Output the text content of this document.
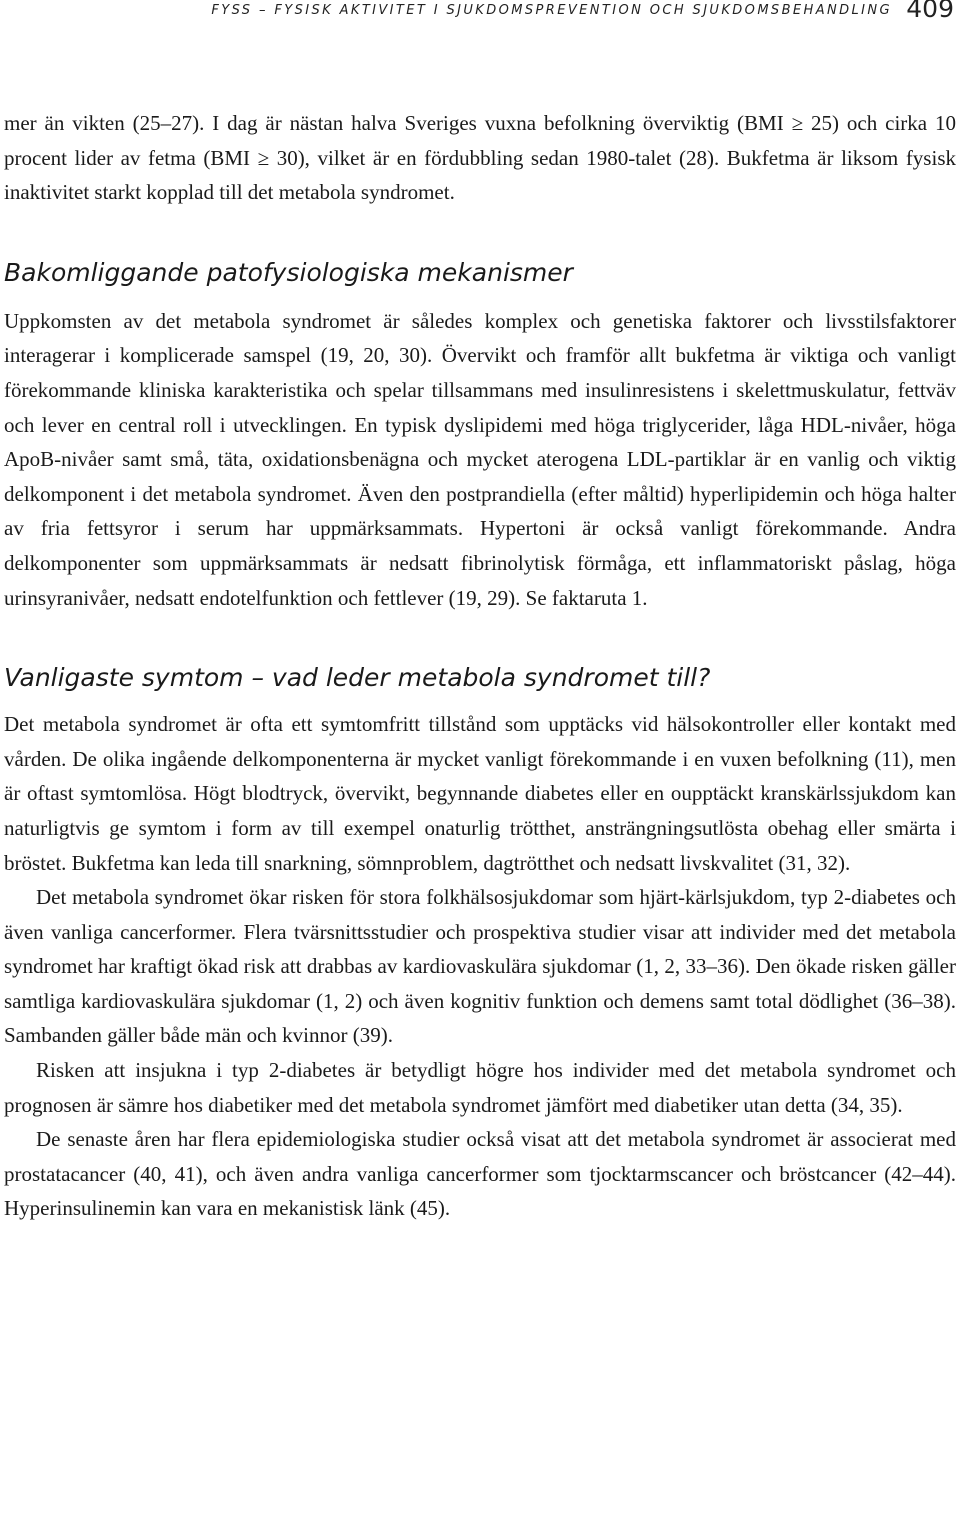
FYSS – FYSISK AKTIVITET I SJUKDOMSPREVENTION OCH SJUKDOMSBEHANDLING 409

mer än vikten (25–27). I dag är nästan halva Sveriges vuxna befolkning överviktig (BMI ≥ 25) och cirka 10 procent lider av fetma (BMI ≥ 30), vilket är en fördubbling sedan 1980-talet (28). Bukfetma är liksom fysisk inaktivitet starkt kopplad till det metabola syndromet.

Bakomliggande patofysiologiska mekanismer

Uppkomsten av det metabola syndromet är således komplex och genetiska faktorer och livsstilsfaktorer interagerar i komplicerade samspel (19, 20, 30). Övervikt och framför allt bukfetma är viktiga och vanligt förekommande kliniska karakteristika och spelar tillsammans med insulinresistens i skelettmuskulatur, fettväv och lever en central roll i utvecklingen. En typisk dyslipidemi med höga triglycerider, låga HDL-nivåer, höga ApoB-nivåer samt små, täta, oxidationsbenägna och mycket aterogena LDL-partiklar är en vanlig och viktig delkomponent i det metabola syndromet. Även den postprandiella (efter måltid) hyperlipidemin och höga halter av fria fettsyror i serum har uppmärksammats. Hypertoni är också vanligt förekommande. Andra delkomponenter som uppmärksammats är nedsatt fibrinolytisk förmåga, ett inflammatoriskt påslag, höga urinsyranivåer, nedsatt endotelfunktion och fettlever (19, 29). Se faktaruta 1.

Vanligaste symtom – vad leder metabola syndromet till?

Det metabola syndromet är ofta ett symtomfritt tillstånd som upptäcks vid hälsokontroller eller kontakt med vården. De olika ingående delkomponenterna är mycket vanligt förekommande i en vuxen befolkning (11), men är oftast symtomlösa. Högt blodtryck, övervikt, begynnande diabetes eller en oupptäckt kranskärlssjukdom kan naturligtvis ge symtom i form av till exempel onaturlig trötthet, ansträngningsutlösta obehag eller smärta i bröstet. Bukfetma kan leda till snarkning, sömnproblem, dagtrötthet och nedsatt livskvalitet (31, 32).

Det metabola syndromet ökar risken för stora folkhälsosjukdomar som hjärt-kärlsjukdom, typ 2-diabetes och även vanliga cancerformer. Flera tvärsnittsstudier och prospektiva studier visar att individer med det metabola syndromet har kraftigt ökad risk att drabbas av kardiovaskulära sjukdomar (1, 2, 33–36). Den ökade risken gäller samtliga kardiovaskulära sjukdomar (1, 2) och även kognitiv funktion och demens samt total dödlighet (36–38). Sambanden gäller både män och kvinnor (39).

Risken att insjukna i typ 2-diabetes är betydligt högre hos individer med det metabola syndromet och prognosen är sämre hos diabetiker med det metabola syndromet jämfört med diabetiker utan detta (34, 35).

De senaste åren har flera epidemiologiska studier också visat att det metabola syndromet är associerat med prostatacancer (40, 41), och även andra vanliga cancerformer som tjocktarmscancer och bröstcancer (42–44). Hyperinsulinemin kan vara en mekanistisk länk (45).
